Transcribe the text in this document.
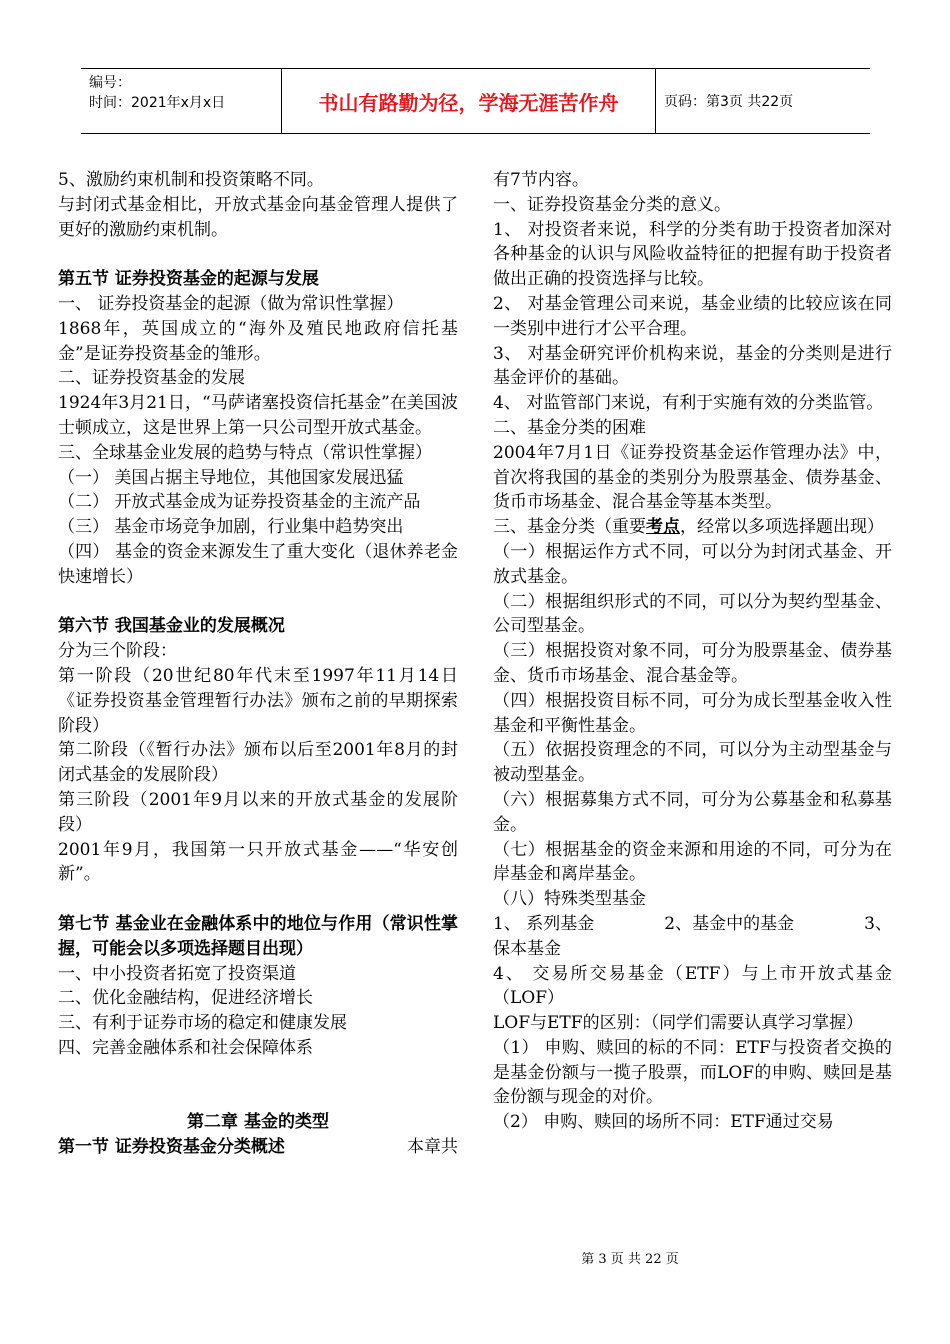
编号：
时间：2021年x月x日	书山有路勤为径，学海无涯苦作舟	页码：第3页 共22页

5、激励约束机制和投资策略不同。

与封闭式基金相比，开放式基金向基金管理人提供了更好的激励约束机制。

第五节 证券投资基金的起源与发展

一、 证券投资基金的起源（做为常识性掌握）

1868年，英国成立的“海外及殖民地政府信托基金”是证券投资基金的雏形。

二、证券投资基金的发展

1924年3月21日，“马萨诸塞投资信托基金”在美国波士顿成立，这是世界上第一只公司型开放式基金。

三、全球基金业发展的趋势与特点（常识性掌握）

（一） 美国占据主导地位，其他国家发展迅猛

（二） 开放式基金成为证券投资基金的主流产品

（三） 基金市场竞争加剧，行业集中趋势突出

（四） 基金的资金来源发生了重大变化（退休养老金快速增长）

第六节 我国基金业的发展概况

分为三个阶段：

第一阶段（20世纪80年代末至1997年11月14日《证券投资基金管理暂行办法》颁布之前的早期探索阶段）

第二阶段（《暂行办法》颁布以后至2001年8月的封闭式基金的发展阶段）

第三阶段（2001年9月以来的开放式基金的发展阶段）

2001年9月，我国第一只开放式基金——“华安创新”。

第七节 基金业在金融体系中的地位与作用（常识性掌握，可能会以多项选择题目出现）

一、中小投资者拓宽了投资渠道

二、优化金融结构，促进经济增长

三、有利于证券市场的稳定和健康发展

四、完善金融体系和社会保障体系

第二章 基金的类型

第一节 证券投资基金分类概述	本章共

有7节内容。

一、证券投资基金分类的意义。

1、 对投资者来说，科学的分类有助于投资者加深对各种基金的认识与风险收益特征的把握有助于投资者做出正确的投资选择与比较。

2、 对基金管理公司来说，基金业绩的比较应该在同一类别中进行才公平合理。

3、 对基金研究评价机构来说，基金的分类则是进行基金评价的基础。

4、 对监管部门来说，有利于实施有效的分类监管。

二、基金分类的困难

2004年7月1日《证券投资基金运作管理办法》中，首次将我国的基金的类别分为股票基金、债券基金、货币市场基金、混合基金等基本类型。

三、基金分类（重要考点，经常以多项选择题出现）

（一）根据运作方式不同，可以分为封闭式基金、开放式基金。

（二）根据组织形式的不同，可以分为契约型基金、公司型基金。

（三）根据投资对象不同，可分为股票基金、债券基金、货币市场基金、混合基金等。

（四）根据投资目标不同，可分为成长型基金收入性基金和平衡性基金。

（五）依据投资理念的不同，可以分为主动型基金与被动型基金。

（六）根据募集方式不同，可分为公募基金和私募基金。

（七）根据基金的资金来源和用途的不同，可分为在岸基金和离岸基金。

（八）特殊类型基金

1、 系列基金	2、基金中的基金	3、

保本基金

4、 交易所交易基金（ETF）与上市开放式基金（LOF）

LOF与ETF的区别：（同学们需要认真学习掌握）

（1） 申购、赎回的标的不同：ETF与投资者交换的是基金份额与一揽子股票，而LOF的申购、赎回是基金份额与现金的对价。

（2） 申购、赎回的场所不同：ETF通过交易

第 3 页 共 22 页
